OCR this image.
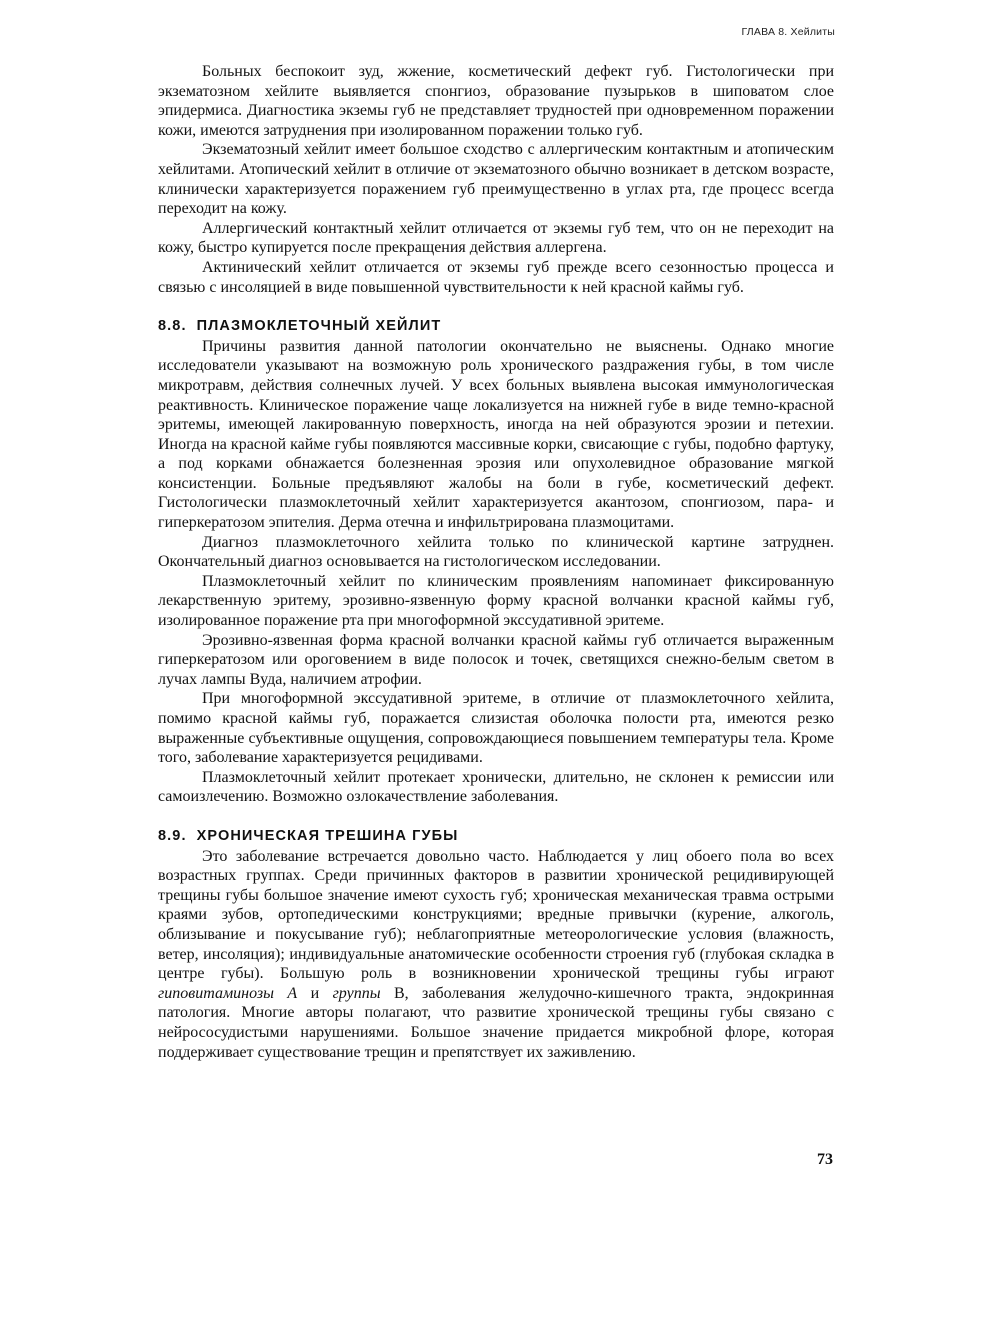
ГЛАВА 8. Хейлиты

Больных беспокоит зуд, жжение, косметический дефект губ. Гистологически при экзематозном хейлите выявляется спонгиоз, образование пузырьков в шиповатом слое эпидермиса. Диагностика экземы губ не представляет трудностей при одновременном поражении кожи, имеются затруднения при изолированном поражении только губ.

Экзематозный хейлит имеет большое сходство с аллергическим контактным и атопическим хейлитами. Атопический хейлит в отличие от экзематозного обычно возникает в детском возрасте, клинически характеризуется поражением губ преимущественно в углах рта, где процесс всегда переходит на кожу.

Аллергический контактный хейлит отличается от экземы губ тем, что он не переходит на кожу, быстро купируется после прекращения действия аллергена.

Актинический хейлит отличается от экземы губ прежде всего сезонностью процесса и связью с инсоляцией в виде повышенной чувствительности к ней красной каймы губ.

8.8. ПЛАЗМОКЛЕТОЧНЫЙ ХЕЙЛИТ

Причины развития данной патологии окончательно не выяснены. Однако многие исследователи указывают на возможную роль хронического раздражения губы, в том числе микротравм, действия солнечных лучей. У всех больных выявлена высокая иммунологическая реактивность. Клиническое поражение чаще локализуется на нижней губе в виде темно-красной эритемы, имеющей лакированную поверхность, иногда на ней образуются эрозии и петехии. Иногда на красной кайме губы появляются массивные корки, свисающие с губы, подобно фартуку, а под корками обнажается болезненная эрозия или опухолевидное образование мягкой консистенции. Больные предъявляют жалобы на боли в губе, косметический дефект. Гистологически плазмоклеточный хейлит характеризуется акантозом, спонгиозом, пара- и гиперкератозом эпителия. Дерма отечна и инфильтрирована плазмоцитами.

Диагноз плазмоклеточного хейлита только по клинической картине затруднен. Окончательный диагноз основывается на гистологическом исследовании.

Плазмоклеточный хейлит по клиническим проявлениям напоминает фиксированную лекарственную эритему, эрозивно-язвенную форму красной волчанки красной каймы губ, изолированное поражение рта при многоформной экссудативной эритеме.

Эрозивно-язвенная форма красной волчанки красной каймы губ отличается выраженным гиперкератозом или ороговением в виде полосок и точек, светящихся снежно-белым светом в лучах лампы Вуда, наличием атрофии.

При многоформной экссудативной эритеме, в отличие от плазмоклеточного хейлита, помимо красной каймы губ, поражается слизистая оболочка полости рта, имеются резко выраженные субъективные ощущения, сопровождающиеся повышением температуры тела. Кроме того, заболевание характеризуется рецидивами.

Плазмоклеточный хейлит протекает хронически, длительно, не склонен к ремиссии или самоизлечению. Возможно озлокачествление заболевания.

8.9. ХРОНИЧЕСКАЯ ТРЕШИНА ГУБЫ

Это заболевание встречается довольно часто. Наблюдается у лиц обоего пола во всех возрастных группах. Среди причинных факторов в развитии хронической рецидивирующей трещины губы большое значение имеют сухость губ; хроническая механическая травма острыми краями зубов, ортопедическими конструкциями; вредные привычки (курение, алкоголь, облизывание и покусывание губ); неблагоприятные метеорологические условия (влажность, ветер, инсоляция); индивидуальные анатомические особенности строения губ (глубокая складка в центре губы). Большую роль в возникновении хронической трещины губы играют гиповитаминозы А и группы В, заболевания желудочно-кишечного тракта, эндокринная патология. Многие авторы полагают, что развитие хронической трещины губы связано с нейрососудистыми нарушениями. Большое значение придается микробной флоре, которая поддерживает существование трещин и препятствует их заживлению.

73
